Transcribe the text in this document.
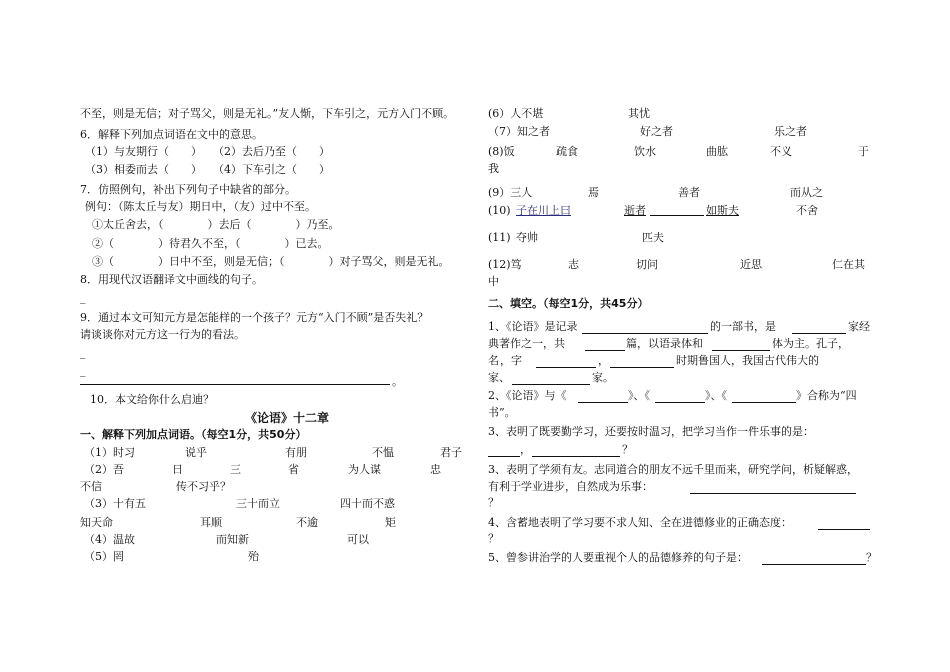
不至，则是无信；对子骂父，则是无礼。”友人惭，下车引之，元方入门不顾。
6．解释下列加点词语在文中的意思。
（1）与友期行（　　）　　（2）去后乃至（　　）
（3）相委而去（　　）　　（4）下车引之（　　）
7．仿照例句，补出下列句子中缺省的部分。
例句：（陈太丘与友）期日中，（友）过中不至。
①太丘舍去，（　　　　）去后（　　　　）乃至。
②（　　　　）待君久不至，（　　　　）已去。
③（　　　　）日中不至，则是无信；（　　　　）对子骂父，则是无礼。
8．用现代汉语翻译文中画线的句子。
_
9．通过本文可知元方是怎能样的一个孩子？元方“入门不顾”是否失礼？
请谈谈你对元方这一行为的看法。
_
_
。
10．本文给你什么启迪？
《论语》十二章
一、解释下列加点词语。（每空1分，共50分）
（1）时习	说乎	有朋	不愠	君子
（2）吾	日	三	省	为人谋	忠
不信	传不习乎？
（3）十有五	三十而立	四十而不惑
知天命	耳顺	不逾	矩
（4）温故	而知新	可以
（5）罔	殆
(6）人不堪	其忧
（7）知之者	好之者	乐之者
(8)饭	疏食	饮水	曲肱	不义	于
我
(9）三人	焉	善者	而从之
(10) 子在川上曰	逝者	如斯夫	不舍
(11) 夺帅	匹夫
(12)笃	志	切问	近思	仁在其
中
二、填空。（每空1分，共45分）
1、《论语》是记录	的一部书，是	家经
典著作之一，共	篇，以语录体和	体为主。孔子，
名 ，字	，	时期鲁国人，我国古代伟大的
家、	家。
2、《论语》与《	》、《	》、《	》合称为“四
书”。
3、表明了既要勤学习，还要按时温习，把学习当作一件乐事的是：
，	？
3、表明了学须有友。志同道合的朋友不远千里而来，研究学问，析疑解惑，
有利于学业进步，自然成为乐事：
？
4、含蓄地表明了学习要不求人知、全在进德修业的正确态度：
？
5、曾参讲治学的人要重视个人的品德修养的句子是：	？
